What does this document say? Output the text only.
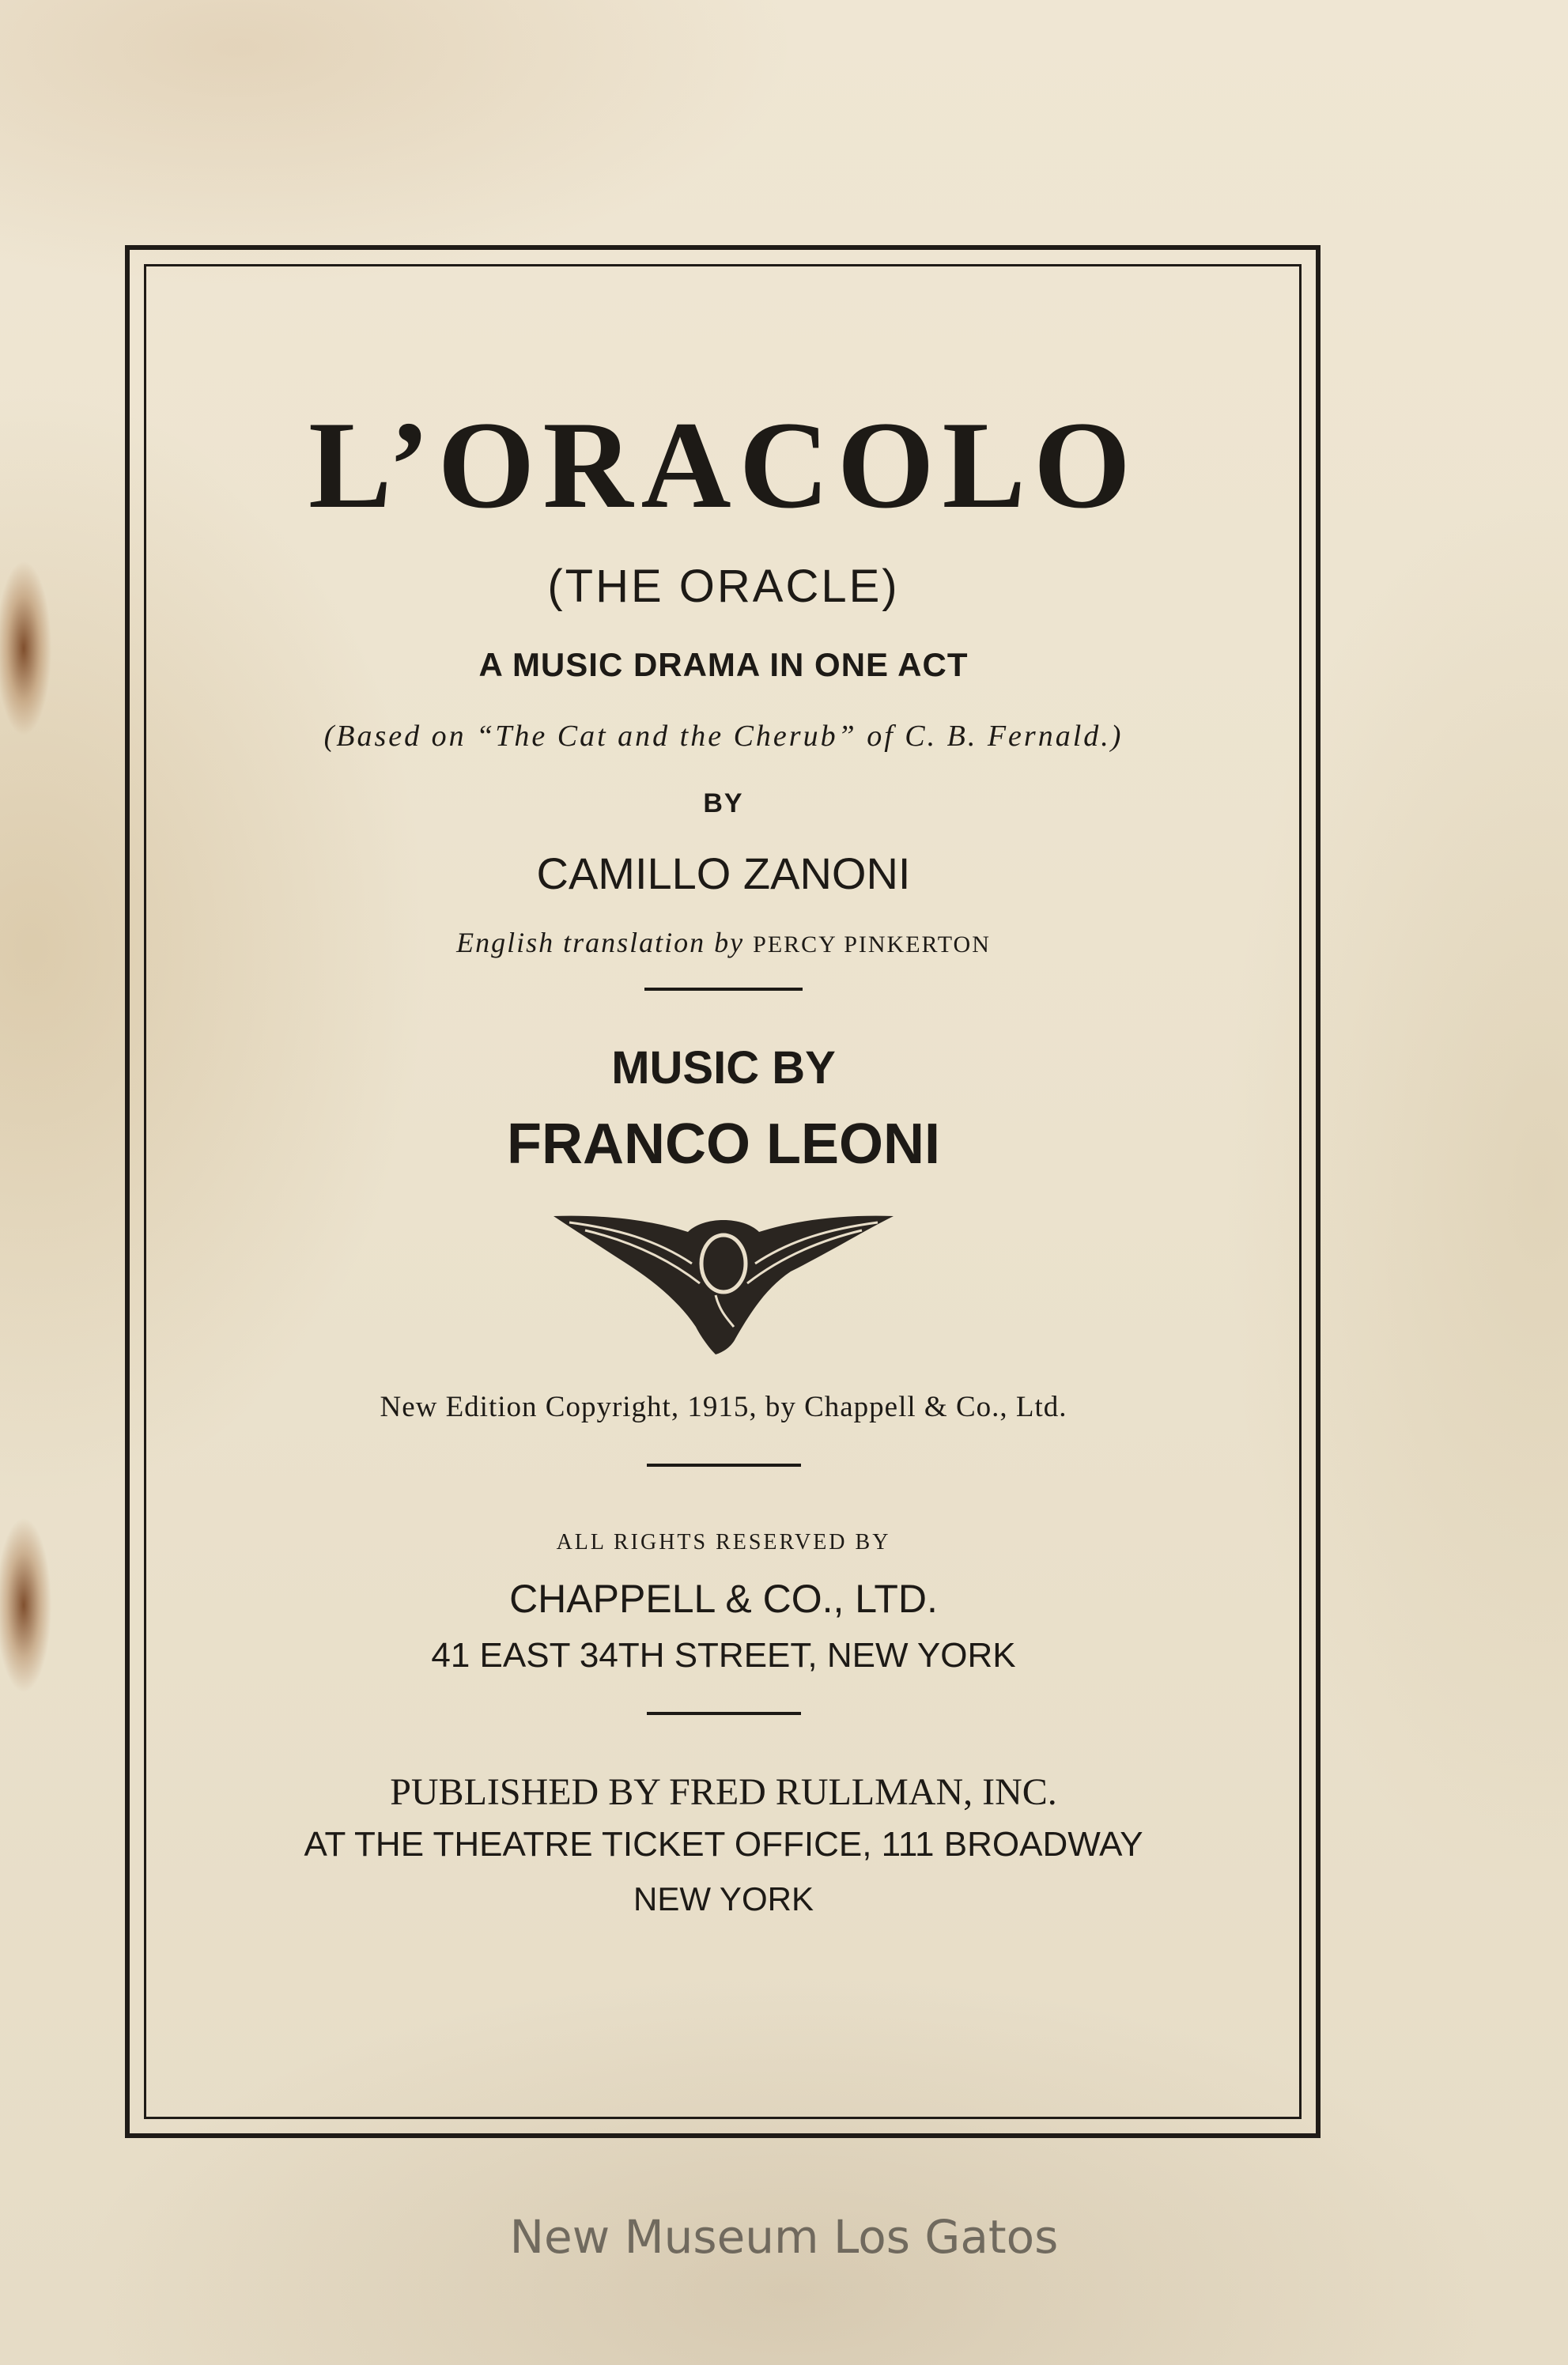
L’ORACOLO
(THE ORACLE)
A MUSIC DRAMA IN ONE ACT
(Based on “The Cat and the Cherub” of C. B. Fernald.)
BY
CAMILLO ZANONI
English translation by PERCY PINKERTON
MUSIC BY
FRANCO LEONI
New Edition Copyright, 1915, by Chappell & Co., Ltd.
ALL RIGHTS RESERVED BY
CHAPPELL & CO., LTD.
41 EAST 34TH STREET, NEW YORK
PUBLISHED BY FRED RULLMAN, INC.
AT THE THEATRE TICKET OFFICE, 111 BROADWAY
NEW YORK
New Museum Los Gatos
